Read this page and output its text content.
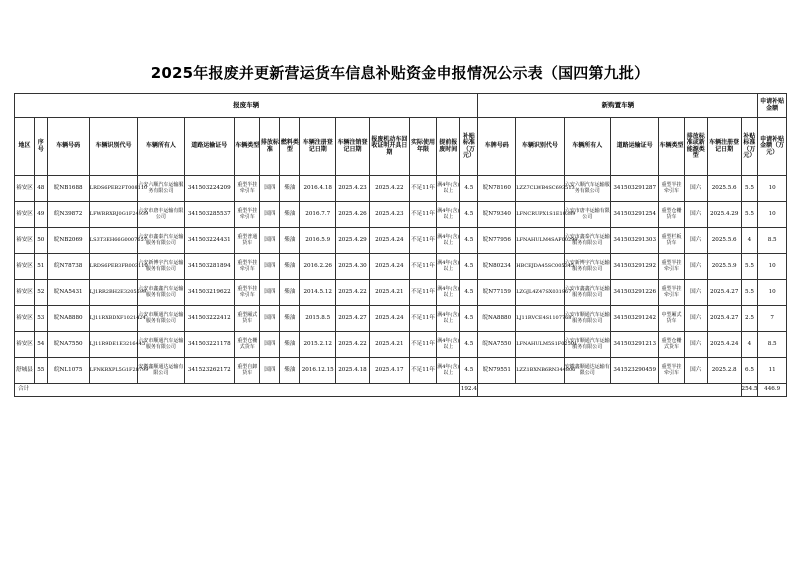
2025年报废并更新营运货车信息补贴资金申报情况公示表（国四第九批）
报废车辆															新购置车辆								申请补贴金额
地区	序号	车辆号码	车辆识别代号	车辆所有人	道路运输证号	车辆类型	排放标准	燃料类型	车辆注册登记日期	车辆注销登记日期	报废机动车回收证明开具日期	实际使用年限	提前报废时间	补贴标准（万元）	车牌号码	车辆识别代号	车辆所有人	道路运输证号	车辆类型	排放标准或新能源类型	车辆注册登记日期	补贴标准（万元）	申请补贴金额（万元）
裕安区	48	皖NB1688	LRDS6PEB2FT008110	六安六顺汽车运输服务有限公司	341503224209	重型半挂牵引车	国四	柴油	2016.4.18	2025.4.23	2025.4.22	不足11年	满4年(含)以上	4.5	皖N78160	LZZ7CLWB4SC693513	六安六顺汽车运输服务有限公司	341503291287	重型半挂牵引车	国六	2025.5.6	5.5	10
裕安区	49	皖N39872	LFWRRXRJ0G1F24939	六安市唐丰运输有限公司	341503285537	重型半挂牵引车	国四	柴油	2016.7.7	2025.4.26	2025.4.23	不足11年	满4年(含)以上	4.5	皖N79340	LFNCRUPX1S1E10389	六安市唐丰运输有限公司	341503291254	重型仓栅货车	国六	2025.4.29	5.5	10
裕安区	50	皖NB2069	LS3T3EH66G0007657	六安市鑫泰汽车运输服务有限公司	341503224431	重型普通货车	国四	柴油	2016.5.9	2025.4.29	2025.4.24	不足11年	满4年(含)以上	4.5	皖N77956	LFNAHULM4SAF00299	六安市鑫泰汽车运输服务有限公司	341503291303	重型栏板货车	国六	2025.5.6	4	8.5
裕安区	51	皖N78738	LRDS6PEB3FR003110	六安新博宇汽车运输服务有限公司	341503281894	重型半挂牵引车	国四	柴油	2016.2.26	2025.4.30	2025.4.24	不足11年	满4年(含)以上	4.5	皖N80234	HBCEJDA45SC005345	六安新博宇汽车运输服务有限公司	341503291292	重型半挂牵引车	国六	2025.5.9	5.5	10
裕安区	52	皖NA5431	LJ1RR2BH2E3205599	六安市鑫鑫汽车运输服务有限公司	341503219622	重型半挂牵引车	国四	柴油	2014.5.12	2025.4.22	2025.4.21	不足11年	满4年(含)以上	4.5	皖N77159	LZGJL4Z47SX031967	六安市鑫鑫汽车运输服务有限公司	341503291226	重型半挂牵引车	国六	2025.4.27	5.5	10
裕安区	53	皖NA8880	LJ11RXBDXF1021424	六安市顺通汽车运输服务有限公司	341503222412	重型厢式货车	国四	柴油	2015.8.5	2025.4.27	2025.4.24	不足11年	满4年(含)以上	4.5	皖NA8880	LJ11RVCE4S1107768	六安市顺通汽车运输服务有限公司	341503291242	中型厢式货车	国六	2025.4.27	2.5	7
裕安区	54	皖NA7550	LJ11R9DE1E3216445	六安市顺通汽车运输服务有限公司	341503221178	重型仓栅式货车	国四	柴油	2015.2.12	2025.4.22	2025.4.21	不足11年	满4年(含)以上	4.5	皖NA7550	LFNAHULM5S1F02501	六安市顺通汽车运输服务有限公司	341503291213	重型仓栅式货车	国六	2025.4.24	4	8.5
舒城县	55	皖NL1075	LFNKRXPL5G1F28799	安徽鑫顺通达运输有限公司	341523262172	重型自卸货车	国四	柴油	2016.12.15	2025.4.18	2025.4.17	不足11年	满4年(含)以上	4.5	皖N79551	LZZ1BXNB6RN344806	安徽鑫顺通达运输有限公司	341523290459	重型半挂牵引车	国六	2025.2.8	6.5	11
合计														192.4								254.5	446.9
